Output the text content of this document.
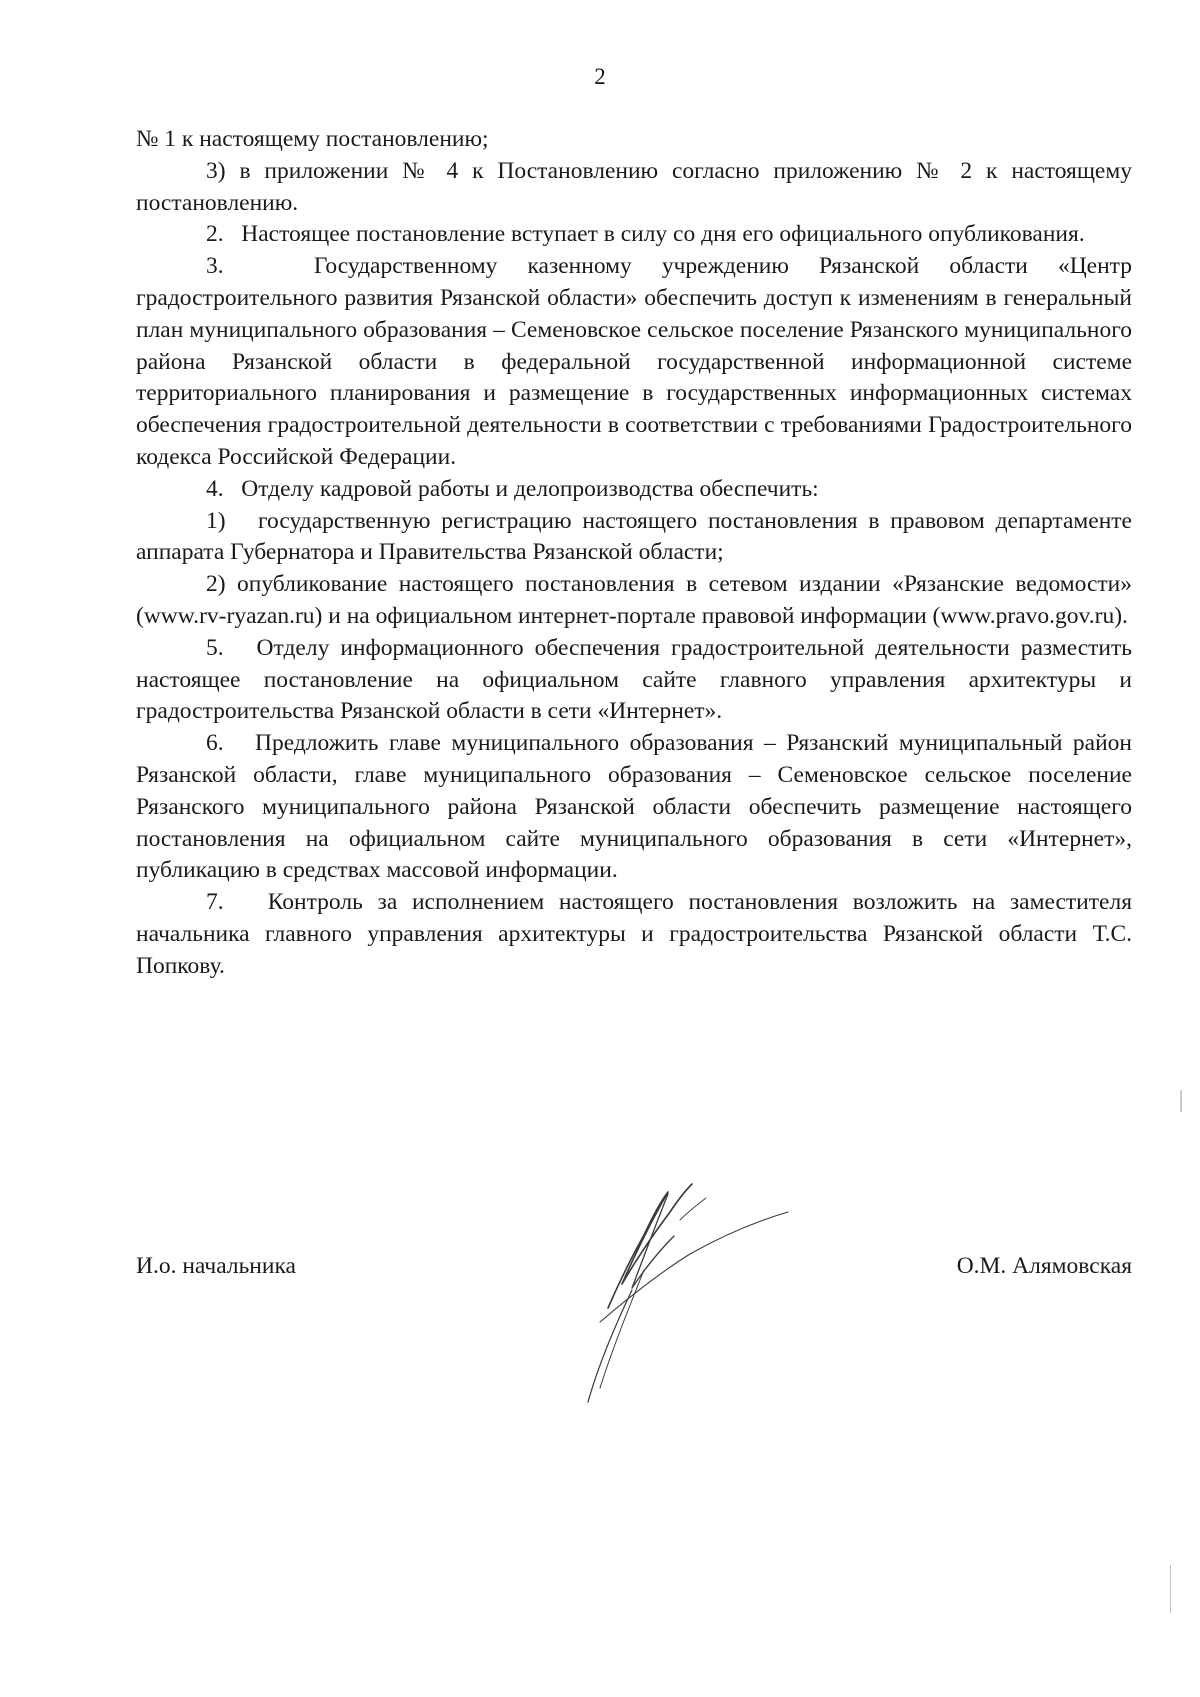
2

№ 1 к настоящему постановлению;

3) в приложении № 4 к Постановлению согласно приложению № 2 к настоящему постановлению.

2.   Настоящее постановление вступает в силу со дня его официального опубликования.

3.   Государственному казенному учреждению Рязанской области «Центр градостроительного развития Рязанской области» обеспечить доступ к изменениям в генеральный план муниципального образования – Семеновское сельское поселение Рязанского муниципального района Рязанской области в федеральной государственной информационной системе территориального планирования и размещение в государственных информационных системах обеспечения градостроительной деятельности в соответствии с требованиями Градостроительного кодекса Российской Федерации.

4.   Отделу кадровой работы и делопроизводства обеспечить:

1)   государственную регистрацию настоящего постановления в правовом департаменте аппарата Губернатора и Правительства Рязанской области;

2) опубликование настоящего постановления в сетевом издании «Рязанские ведомости» (www.rv-ryazan.ru) и на официальном интернет-портале правовой информации (www.pravo.gov.ru).

5.   Отделу информационного обеспечения градостроительной деятельности разместить настоящее постановление на официальном сайте главного управления архитектуры и градостроительства Рязанской области в сети «Интернет».

6.   Предложить главе муниципального образования – Рязанский муниципальный район Рязанской области, главе муниципального образования – Семеновское сельское поселение Рязанского муниципального района Рязанской области обеспечить размещение настоящего постановления на официальном сайте муниципального образования в сети «Интернет», публикацию в средствах массовой информации.

7.   Контроль за исполнением настоящего постановления возложить на заместителя начальника главного управления архитектуры и градостроительства Рязанской области Т.С. Попкову.

И.о. начальника	О.М. Алямовская
